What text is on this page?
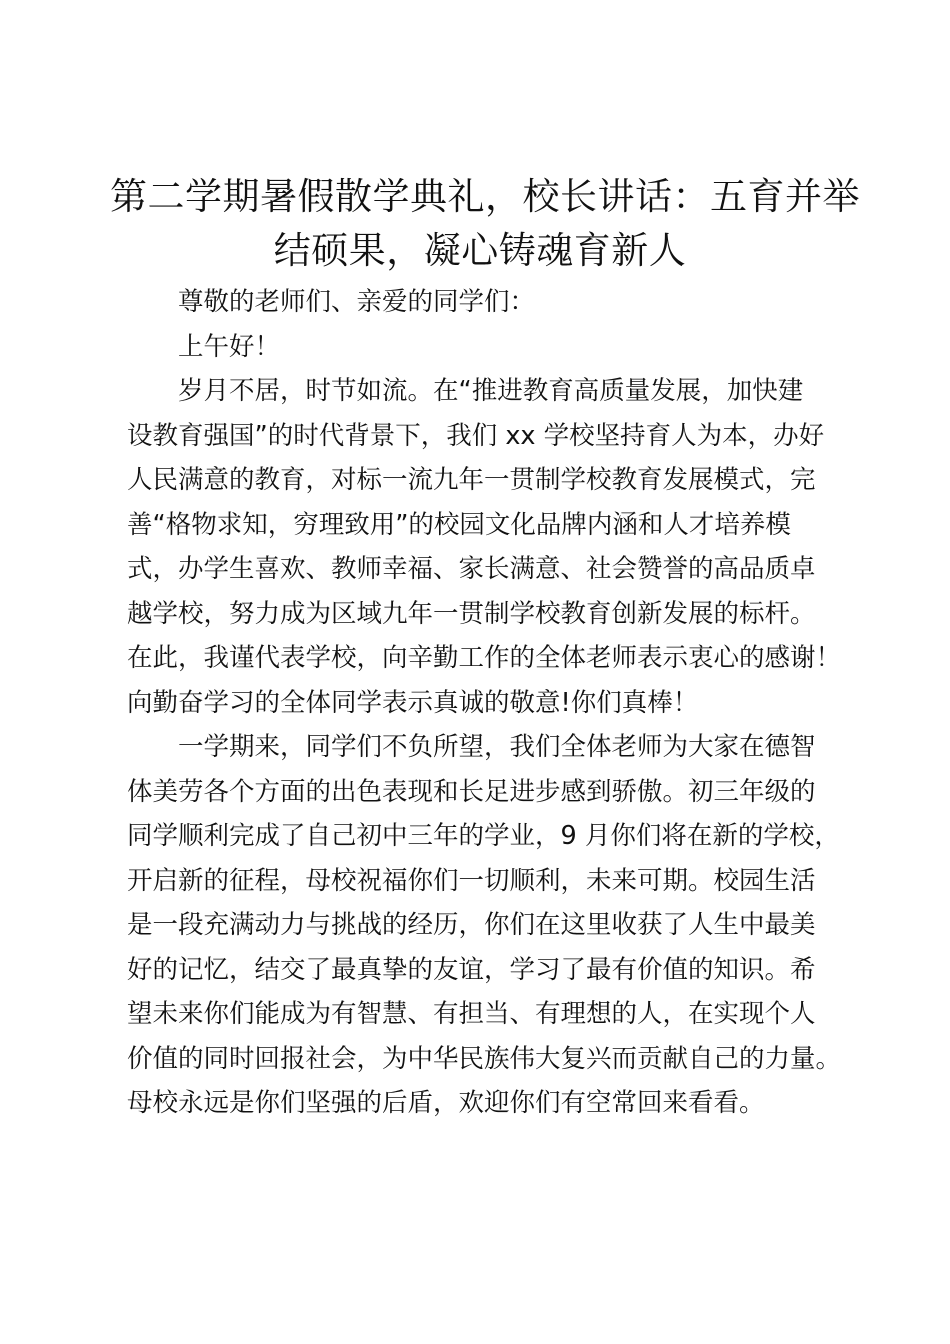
第二学期暑假散学典礼，校长讲话：五育并举
结硕果，凝心铸魂育新人

尊敬的老师们、亲爱的同学们：

上午好！

岁月不居，时节如流。在“推进教育高质量发展，加快建
设教育强国”的时代背景下，我们 xx 学校坚持育人为本，办好
人民满意的教育，对标一流九年一贯制学校教育发展模式，完
善“格物求知，穷理致用”的校园文化品牌内涵和人才培养模
式，办学生喜欢、教师幸福、家长满意、社会赞誉的高品质卓
越学校，努力成为区域九年一贯制学校教育创新发展的标杆。
在此，我谨代表学校，向辛勤工作的全体老师表示衷心的感谢！
向勤奋学习的全体同学表示真诚的敬意!你们真棒！

一学期来，同学们不负所望，我们全体老师为大家在德智
体美劳各个方面的出色表现和长足进步感到骄傲。初三年级的
同学顺利完成了自己初中三年的学业，9 月你们将在新的学校，
开启新的征程，母校祝福你们一切顺利，未来可期。校园生活
是一段充满动力与挑战的经历，你们在这里收获了人生中最美
好的记忆，结交了最真挚的友谊，学习了最有价值的知识。希
望未来你们能成为有智慧、有担当、有理想的人，在实现个人
价值的同时回报社会，为中华民族伟大复兴而贡献自己的力量。
母校永远是你们坚强的后盾，欢迎你们有空常回来看看。
